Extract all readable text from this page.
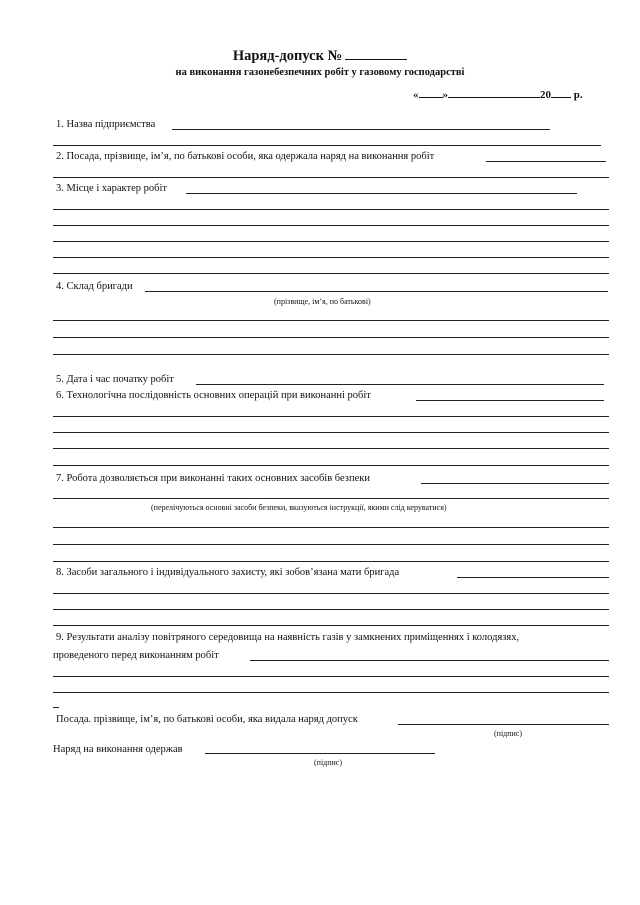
Наряд-допуск №
на виконання газонебезпечних робіт у газовому господарстві
« »	20 р.
1. Назва підприємства
2. Посада, прізвище, ім’я, по батькові особи, яка одержала наряд на виконання робіт
3. Місце і характер робіт
4. Склад бригади
(прізвище, ім’я, по батькові)
5. Дата і час початку робіт
6. Технологічна послідовність основних операцій при виконанні робіт
7. Робота дозволяється при виконанні таких основних засобів безпеки
(перелічуються основні засоби безпеки, вказуються інструкції, якими слід керуватися)
8. Засоби загального і індивідуального захисту, які зобов’язана мати бригада
9. Результати аналізу повітряного середовища на наявність газів у замкнених приміщеннях і колодязях,
проведеного перед виконанням робіт
Посада. прізвище, ім’я, по батькові особи, яка видала наряд допуск
(підпис)
Наряд на виконання одержав
(підпис)
